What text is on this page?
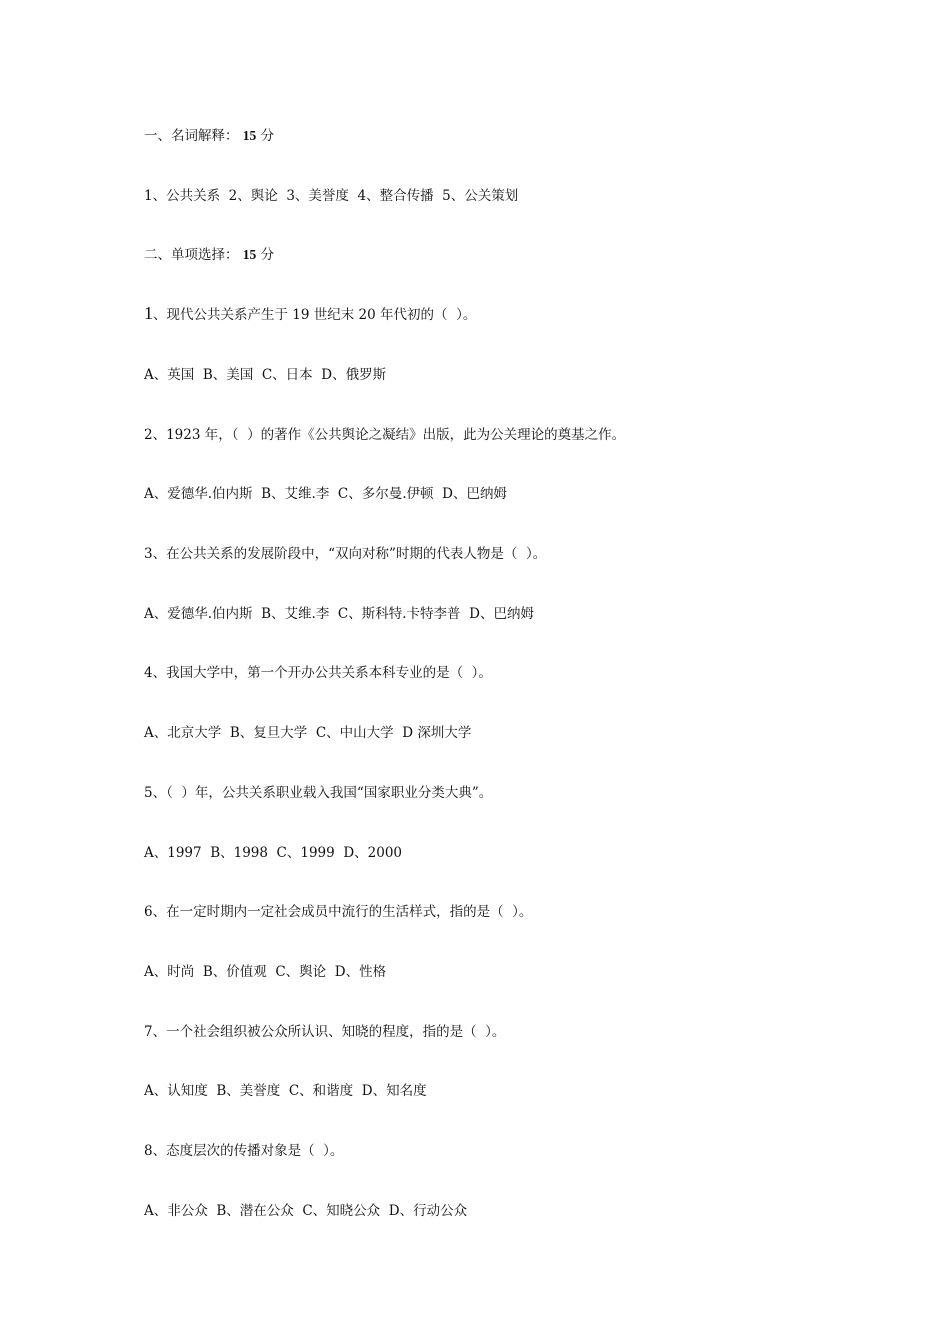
一、名词解释： 15 分
1、公共关系  2、舆论  3、美誉度  4、整合传播  5、公关策划
二、单项选择： 15 分
1、现代公共关系产生于 19 世纪末 20 年代初的（  ）。
A、英国  B、美国  C、日本  D、俄罗斯
2、1923 年，（  ）的著作《公共舆论之凝结》出版，此为公关理论的奠基之作。
A、爱德华.伯内斯  B、艾维.李  C、多尔曼.伊顿  D、巴纳姆
3、在公共关系的发展阶段中，“双向对称”时期的代表人物是（  ）。
A、爱德华.伯内斯  B、艾维.李  C、斯科特.卡特李普  D、巴纳姆
4、我国大学中，第一个开办公共关系本科专业的是（  ）。
A、北京大学  B、复旦大学  C、中山大学  D 深圳大学
5、（  ）年，公共关系职业载入我国“国家职业分类大典”。
A、1997  B、1998  C、1999  D、2000
6、在一定时期内一定社会成员中流行的生活样式，指的是（  ）。
A、时尚  B、价值观  C、舆论  D、性格
7、一个社会组织被公众所认识、知晓的程度，指的是（  ）。
A、认知度  B、美誉度  C、和谐度  D、知名度
8、态度层次的传播对象是（  ）。
A、非公众  B、潜在公众  C、知晓公众  D、行动公众
